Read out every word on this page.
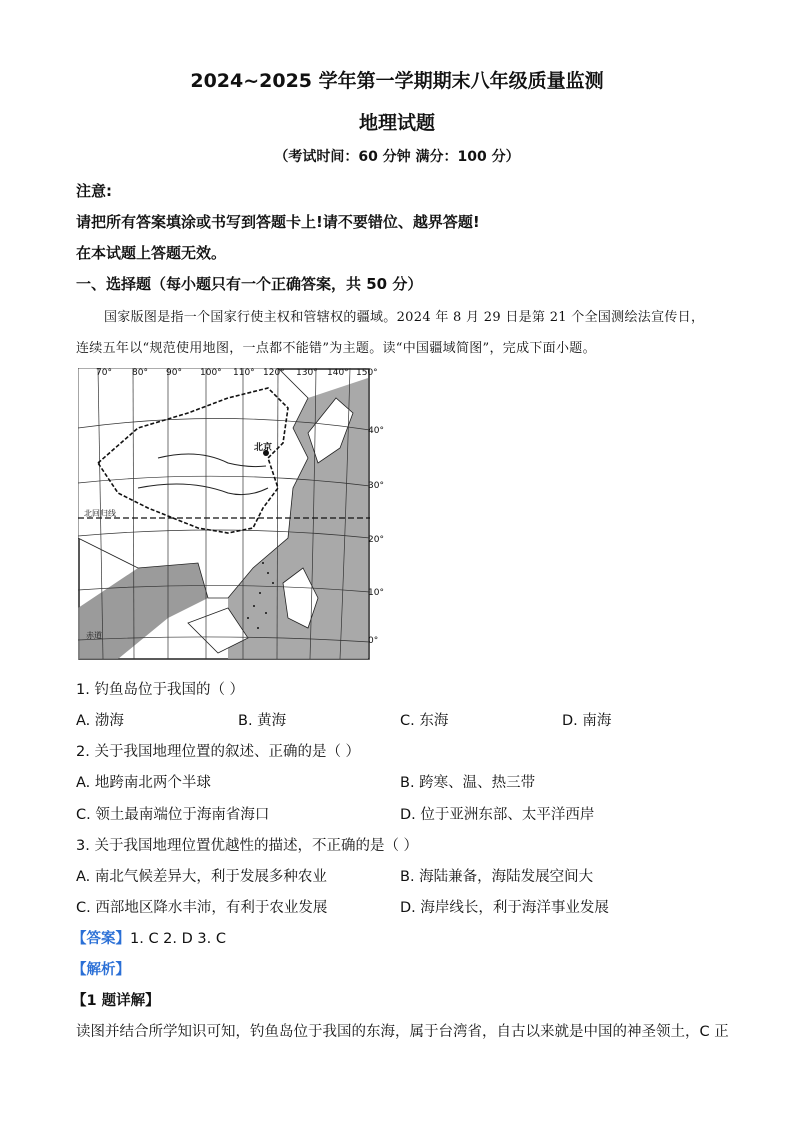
2024~2025 学年第一学期期末八年级质量监测
地理试题
（考试时间：60 分钟 满分：100 分）
注意:
请把所有答案填涂或书写到答题卡上!请不要错位、越界答题!
在本试题上答题无效。
一、选择题（每小题只有一个正确答案，共 50 分）
国家版图是指一个国家行使主权和管辖权的疆域。2024 年 8 月 29 日是第 21 个全国测绘法宣传日，
连续五年以“规范使用地图，一点都不能错”为主题。读“中国疆域简图”，完成下面小题。
70° 80° 90° 100° 110° 120° 130° 140° 150°
40°
30°
20°
10°
0°
北京
北回归线
赤道
1. 钓鱼岛位于我国的（ ）
A. 渤海	B. 黄海	C. 东海	D. 南海
2. 关于我国地理位置的叙述、正确的是（ ）
A. 地跨南北两个半球	B. 跨寒、温、热三带
C. 领土最南端位于海南省海口	D. 位于亚洲东部、太平洋西岸
3. 关于我国地理位置优越性的描述，不正确的是（ ）
A. 南北气候差异大，利于发展多种农业	B. 海陆兼备，海陆发展空间大
C. 西部地区降水丰沛，有利于农业发展	D. 海岸线长，利于海洋事业发展
【答案】1. C 2. D 3. C
【解析】
【1 题详解】
读图并结合所学知识可知，钓鱼岛位于我国的东海，属于台湾省，自古以来就是中国的神圣领土，C 正
